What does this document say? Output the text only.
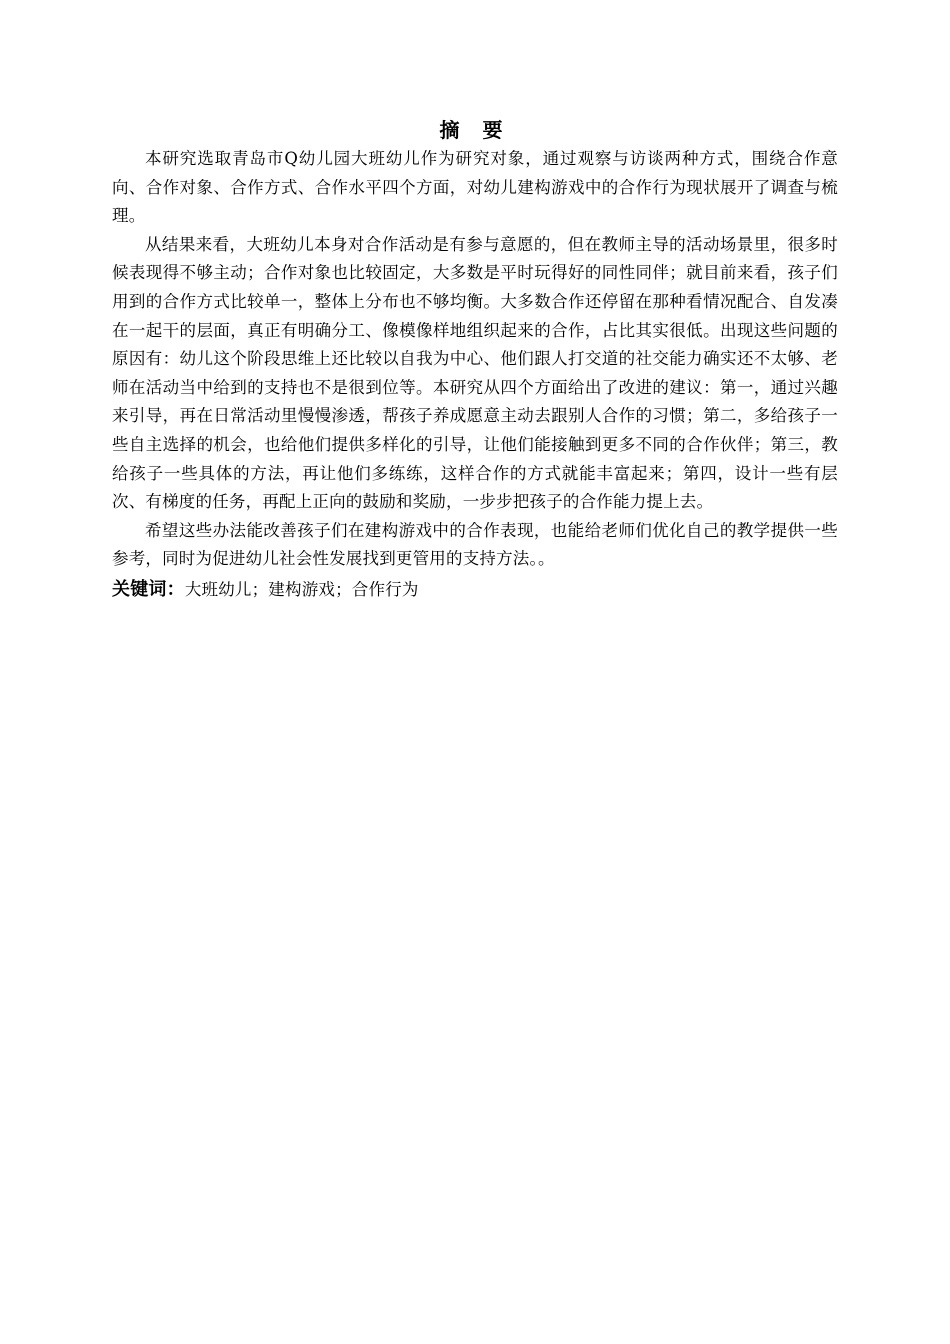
摘 要

本研究选取青岛市Q幼儿园大班幼儿作为研究对象，通过观察与访谈两种方式，围绕合作意向、合作对象、合作方式、合作水平四个方面，对幼儿建构游戏中的合作行为现状展开了调查与梳理。

从结果来看，大班幼儿本身对合作活动是有参与意愿的，但在教师主导的活动场景里，很多时候表现得不够主动；合作对象也比较固定，大多数是平时玩得好的同性同伴；就目前来看，孩子们用到的合作方式比较单一，整体上分布也不够均衡。大多数合作还停留在那种看情况配合、自发凑在一起干的层面，真正有明确分工、像模像样地组织起来的合作，占比其实很低。出现这些问题的原因有：幼儿这个阶段思维上还比较以自我为中心、他们跟人打交道的社交能力确实还不太够、老师在活动当中给到的支持也不是很到位等。本研究从四个方面给出了改进的建议：第一，通过兴趣来引导，再在日常活动里慢慢渗透，帮孩子养成愿意主动去跟别人合作的习惯；第二，多给孩子一些自主选择的机会，也给他们提供多样化的引导，让他们能接触到更多不同的合作伙伴；第三，教给孩子一些具体的方法，再让他们多练练，这样合作的方式就能丰富起来；第四，设计一些有层次、有梯度的任务，再配上正向的鼓励和奖励，一步步把孩子的合作能力提上去。

希望这些办法能改善孩子们在建构游戏中的合作表现，也能给老师们优化自己的教学提供一些参考，同时为促进幼儿社会性发展找到更管用的支持方法。。

关键词：大班幼儿；建构游戏；合作行为
